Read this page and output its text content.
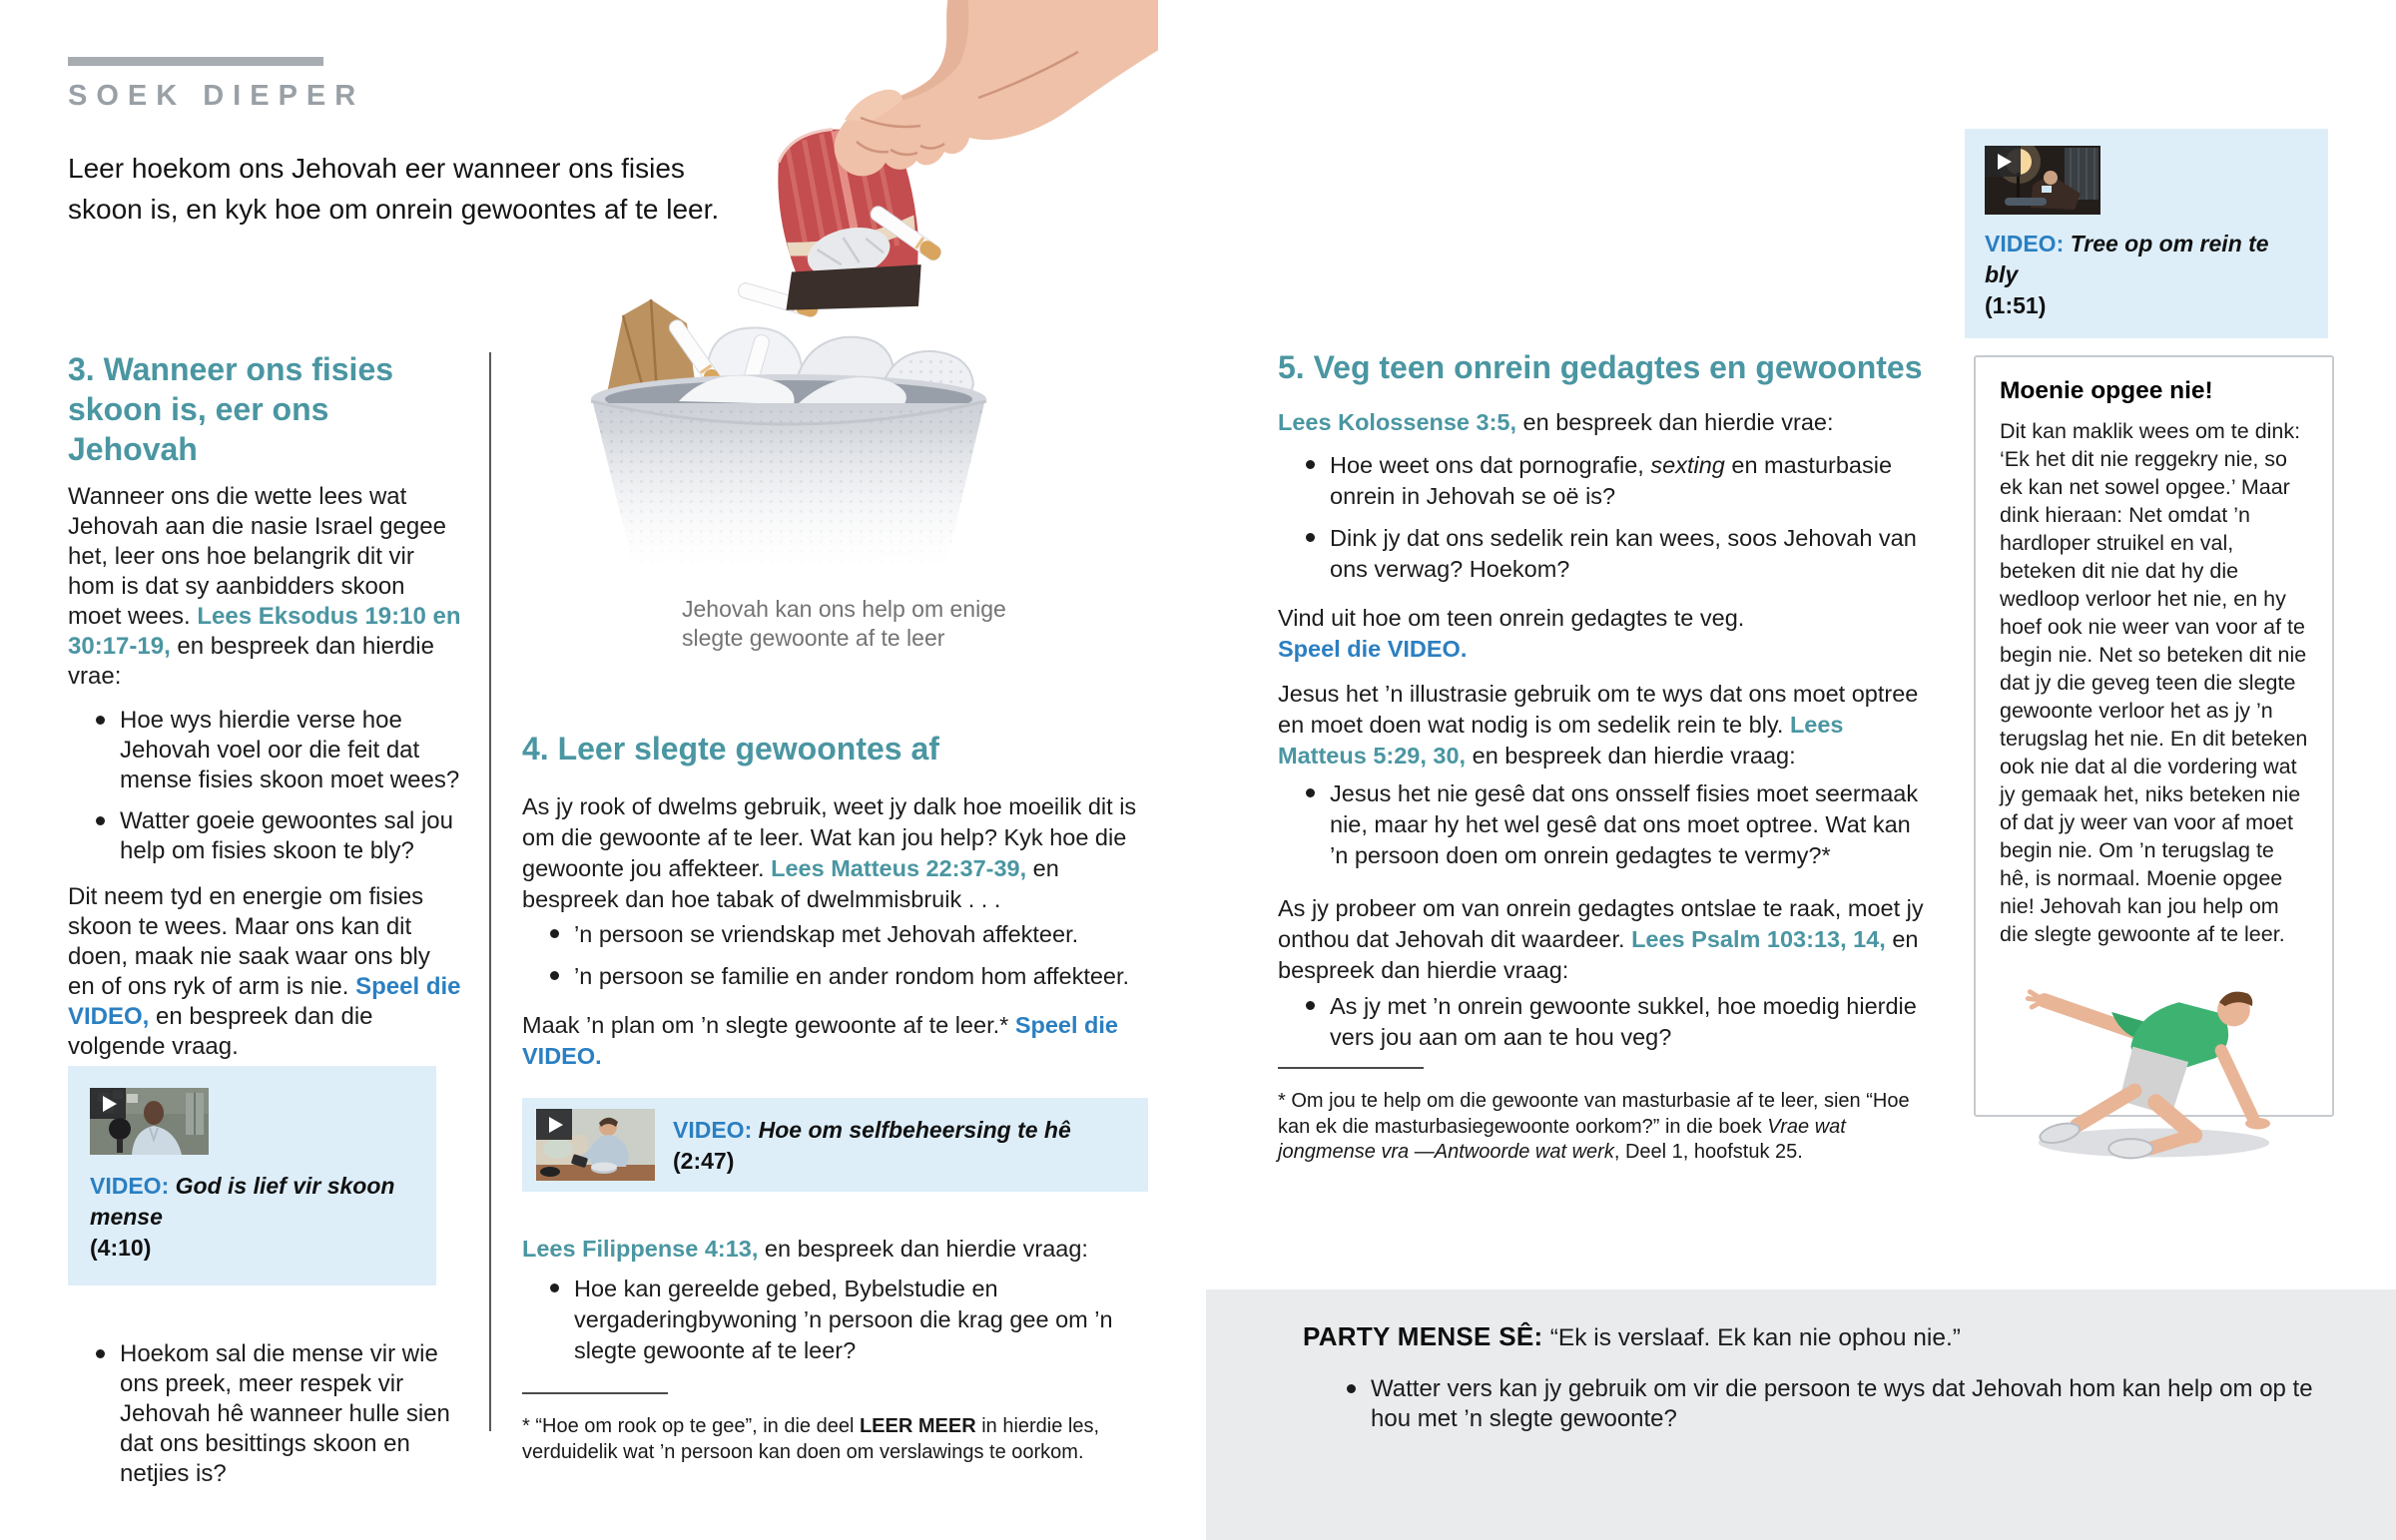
SOEK DIEPER
Leer hoekom ons Jehovah eer wanneer ons fisies skoon is, en kyk hoe om onrein gewoontes af te leer.
Jehovah kan ons help om enige slegte gewoonte af te leer
3. Wanneer ons fisies skoon is, eer ons Jehovah

Wanneer ons die wette lees wat Jehovah aan die nasie Israel gegee het, leer ons hoe belangrik dit vir hom is dat sy aanbidders skoon moet wees. Lees Eksodus 19:10 en 30:17-19, en bespreek dan hierdie vrae:

Hoe wys hierdie verse hoe Jehovah voel oor die feit dat mense fisies skoon moet wees?
Watter goeie gewoontes sal jou help om fisies skoon te bly?

Dit neem tyd en energie om fisies skoon te wees. Maar ons kan dit doen, maak nie saak waar ons bly en of ons ryk of arm is nie. Speel die VIDEO, en bespreek dan die volgende vraag.

VIDEO: God is lief vir skoon mense
(4:10)
Hoekom sal die mense vir wie ons preek, meer respek vir Jehovah hê wanneer hulle sien dat ons besittings skoon en netjies is?
4. Leer slegte gewoontes af

As jy rook of dwelms gebruik, weet jy dalk hoe moeilik dit is om die gewoonte af te leer. Wat kan jou help? Kyk hoe die gewoonte jou affekteer. Lees Matteus 22:37-39, en bespreek dan hoe tabak of dwelmmisbruik . . .

’n persoon se vriendskap met Jehovah affekteer.
’n persoon se familie en ander rondom hom affekteer.

Maak ’n plan om ’n slegte gewoonte af te leer.* Speel die VIDEO.

VIDEO: Hoe om selfbeheersing te hê
(2:47)

Lees Filippense 4:13, en bespreek dan hierdie vraag:

Hoe kan gereelde gebed, Bybelstudie en vergaderingbywoning ’n persoon die krag gee om ’n slegte gewoonte af te leer?

* “Hoe om rook op te gee”, in die deel LEER MEER in hierdie les, verduidelik wat ’n persoon kan doen om verslawings te oorkom.

5. Veg teen onrein gedagtes en gewoontes

Lees Kolossense 3:5, en bespreek dan hierdie vrae:

Hoe weet ons dat pornografie, sexting en masturbasie onrein in Jehovah se oë is?
Dink jy dat ons sedelik rein kan wees, soos Jehovah van ons verwag? Hoekom?

Vind uit hoe om teen onrein gedagtes te veg.
Speel die VIDEO.

Jesus het ’n illustrasie gebruik om te wys dat ons moet optree en moet doen wat nodig is om sedelik rein te bly. Lees Matteus 5:29, 30, en bespreek dan hierdie vraag:

Jesus het nie gesê dat ons onsself fisies moet seermaak nie, maar hy het wel gesê dat ons moet optree. Wat kan ’n persoon doen om onrein gedagtes te vermy?*

As jy probeer om van onrein gedagtes ontslae te raak, moet jy onthou dat Jehovah dit waardeer. Lees Psalm 103:13, 14, en bespreek dan hierdie vraag:

As jy met ’n onrein gewoonte sukkel, hoe moedig hierdie vers jou aan om aan te hou veg?

* Om jou te help om die gewoonte van masturbasie af te leer, sien “Hoe kan ek die masturbasiegewoonte oorkom?” in die boek Vrae wat jongmense vra —Antwoorde wat werk, Deel 1, hoofstuk 25.

VIDEO: Tree op om rein te bly
(1:51)
Moenie opgee nie!
Dit kan maklik wees om te dink: ‘Ek het dit nie reggekry nie, so ek kan net sowel opgee.’ Maar dink hieraan: Net omdat ’n hardloper struikel en val, beteken dit nie dat hy die wedloop verloor het nie, en hy hoef ook nie weer van voor af te begin nie. Net so beteken dit nie dat jy die geveg teen die slegte gewoonte verloor het as jy ’n terugslag het nie. En dit beteken ook nie dat al die vordering wat jy gemaak het, niks beteken nie of dat jy weer van voor af moet begin nie. Om ’n terugslag te hê, is normaal. Moenie opgee nie! Jehovah kan jou help om die slegte gewoonte af te leer.
PARTY MENSE SÊ: “Ek is verslaaf. Ek kan nie ophou nie.”
Watter vers kan jy gebruik om vir die persoon te wys dat Jehovah hom kan help om op te hou met ’n slegte gewoonte?
